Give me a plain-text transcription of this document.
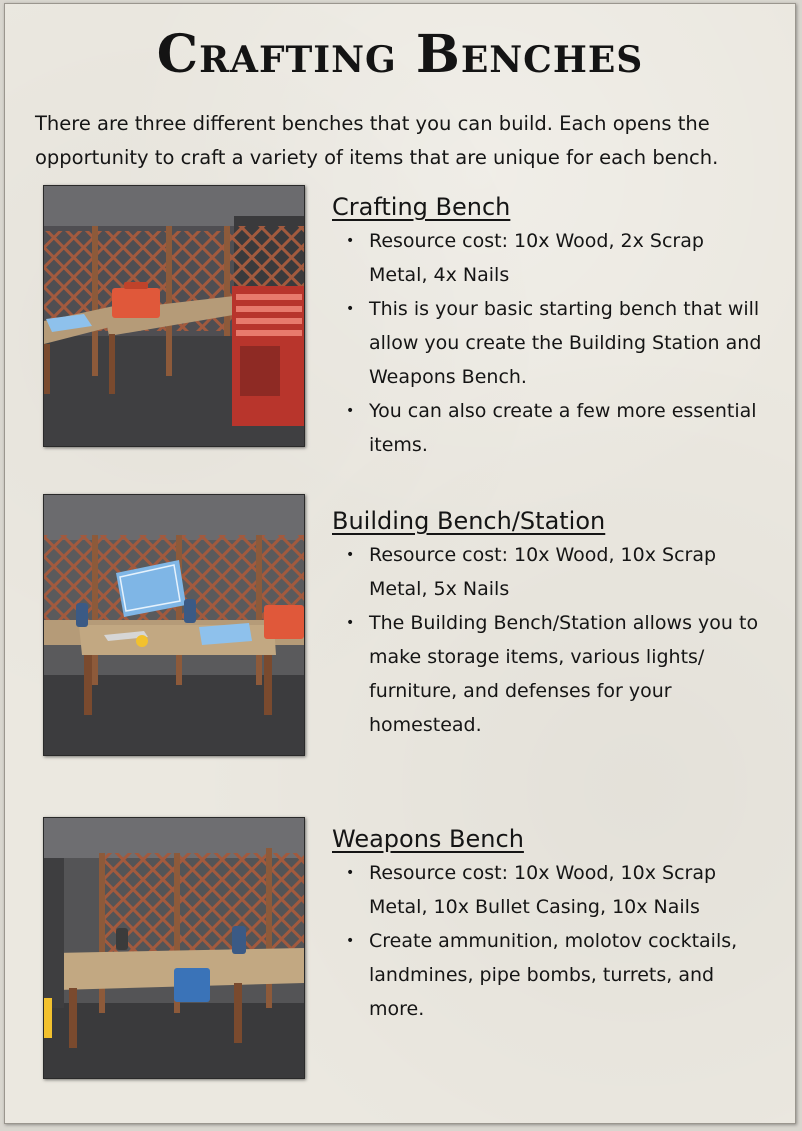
Crafting Benches

There are three different benches that you can build. Each opens the opportunity to craft a variety of items that are unique for each bench.

Crafting Bench
• Resource cost: 10x Wood, 2x Scrap Metal, 4x Nails
• This is your basic starting bench that will allow you create the Building Station and Weapons Bench.
• You can also create a few more essential items.
Building Bench/Station
• Resource cost: 10x Wood, 10x Scrap Metal, 5x Nails
• The Building Bench/Station allows you to make storage items, various lights/ furniture, and defenses for your homestead.
Weapons Bench
• Resource cost: 10x Wood, 10x Scrap Metal, 10x Bullet Casing, 10x Nails
• Create ammunition, molotov cocktails, landmines, pipe bombs, turrets, and more.
